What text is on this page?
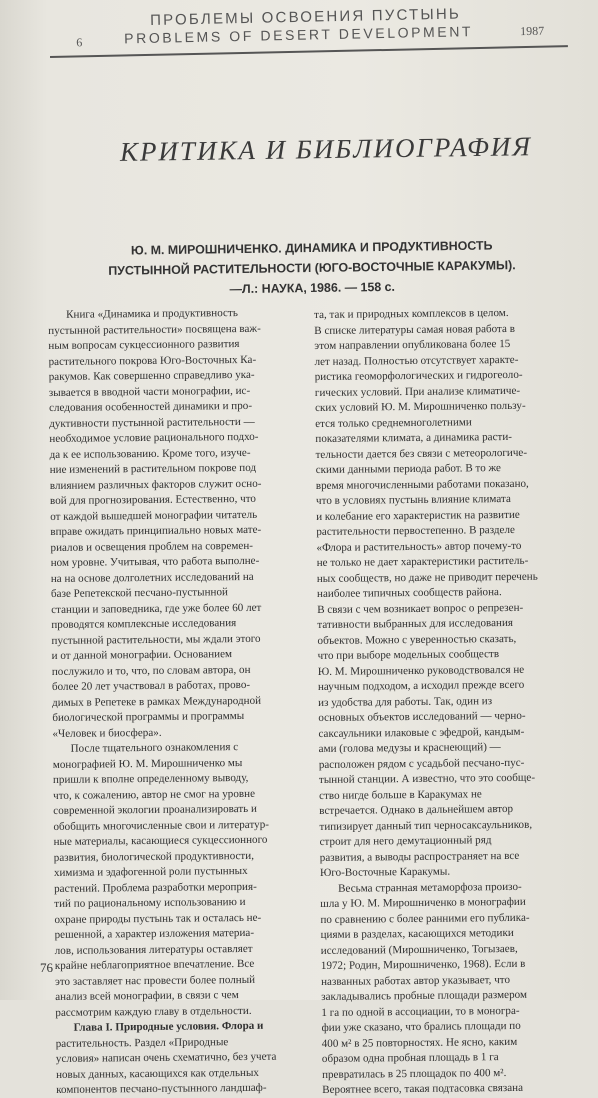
ПРОБЛЕМЫ ОСВОЕНИЯ ПУСТЫНЬ
6	PROBLEMS OF DESERT DEVELOPMENT	1987
КРИТИКА И БИБЛИОГРАФИЯ
Ю. М. МИРОШНИЧЕНКО. ДИНАМИКА И ПРОДУКТИВНОСТЬ
ПУСТЫННОЙ РАСТИТЕЛЬНОСТИ (ЮГО-ВОСТОЧНЫЕ КАРАКУМЫ).
—Л.: НАУКА, 1986. — 158 с.
Книга «Динамика и продуктивность
пустынной растительности» посвящена важ-
ным вопросам сукцессионного развития
растительного покрова Юго-Восточных Ка-
ракумов. Как совершенно справедливо ука-
зывается в вводной части монографии, ис-
следования особенностей динамики и про-
дуктивности пустынной растительности —
необходимое условие рационального подхо-
да к ее использованию. Кроме того, изуче-
ние изменений в растительном покрове под
влиянием различных факторов служит осно-
вой для прогнозирования. Естественно, что
от каждой вышедшей монографии читатель
вправе ожидать принципиально новых мате-
риалов и освещения проблем на современ-
ном уровне. Учитывая, что работа выполне-
на на основе долголетних исследований на
базе Репетекской песчано-пустынной
станции и заповедника, где уже более 60 лет
проводятся комплексные исследования
пустынной растительности, мы ждали этого
и от данной монографии. Основанием
послужило и то, что, по словам автора, он
более 20 лет участвовал в работах, прово-
димых в Репетеке в рамках Международной
биологической программы и программы
«Человек и биосфера».
После тщательного ознакомления с
монографией Ю. М. Мирошниченко мы
пришли к вполне определенному выводу,
что, к сожалению, автор не смог на уровне
современной экологии проанализировать и
обобщить многочисленные свои и литератур-
ные материалы, касающиеся сукцессионного
развития, биологической продуктивности,
химизма и эдафогенной роли пустынных
растений. Проблема разработки мероприя-
тий по рациональному использованию и
охране природы пустынь так и осталась не-
решенной, а характер изложения материа-
лов, использования литературы оставляет
крайне неблагоприятное впечатление. Все
это заставляет нас провести более полный
анализ всей монографии, в связи с чем
рассмотрим каждую главу в отдельности.
Глава I. Природные условия. Флора и
растительность. Раздел «Природные
условия» написан очень схематично, без учета
новых данных, касающихся как отдельных
компонентов песчано-пустынного ландшаф-
та, так и природных комплексов в целом.
В списке литературы самая новая работа в
этом направлении опубликована более 15
лет назад. Полностью отсутствует характе-
ристика геоморфологических и гидрогеоло-
гических условий. При анализе климатиче-
ских условий Ю. М. Мирошниченко пользу-
ется только среднемноголетними
показателями климата, а динамика расти-
тельности дается без связи с метеорологиче-
скими данными периода работ. В то же
время многочисленными работами показано,
что в условиях пустынь влияние климата
и колебание его характеристик на развитие
растительности первостепенно. В разделе
«Флора и растительность» автор почему-то
не только не дает характеристики раститель-
ных сообществ, но даже не приводит перечень
наиболее типичных сообществ района.
В связи с чем возникает вопрос о репрезен-
тативности выбранных для исследования
объектов. Можно с уверенностью сказать,
что при выборе модельных сообществ
Ю. М. Мирошниченко руководствовался не
научным подходом, а исходил прежде всего
из удобства для работы. Так, один из
основных объектов исследований — черно-
саксаульники илаковые с эфедрой, кандым-
ами (голова медузы и краснеющий) —
расположен рядом с усадьбой песчано-пус-
тынной станции. А известно, что это сообще-
ство нигде больше в Каракумах не
встречается. Однако в дальнейшем автор
типизирует данный тип черносаксаульников,
строит для него демутационный ряд
развития, а выводы распространяет на все
Юго-Восточные Каракумы.
Весьма странная метаморфоза произо-
шла у Ю. М. Мирошниченко в монографии
по сравнению с более ранними его публика-
циями в разделах, касающихся методики
исследований (Мирошниченко, Тогызаев,
1972; Родин, Мирошниченко, 1968). Если в
названных работах автор указывает, что
закладывались пробные площади размером
1 га по одной в ассоциации, то в моногра-
фии уже сказано, что брались площади по
400 м² в 25 повторностях. Не ясно, каким
образом одна пробная площадь в 1 га
превратилась в 25 площадок по 400 м².
Вероятнее всего, такая подтасовка связана
76
